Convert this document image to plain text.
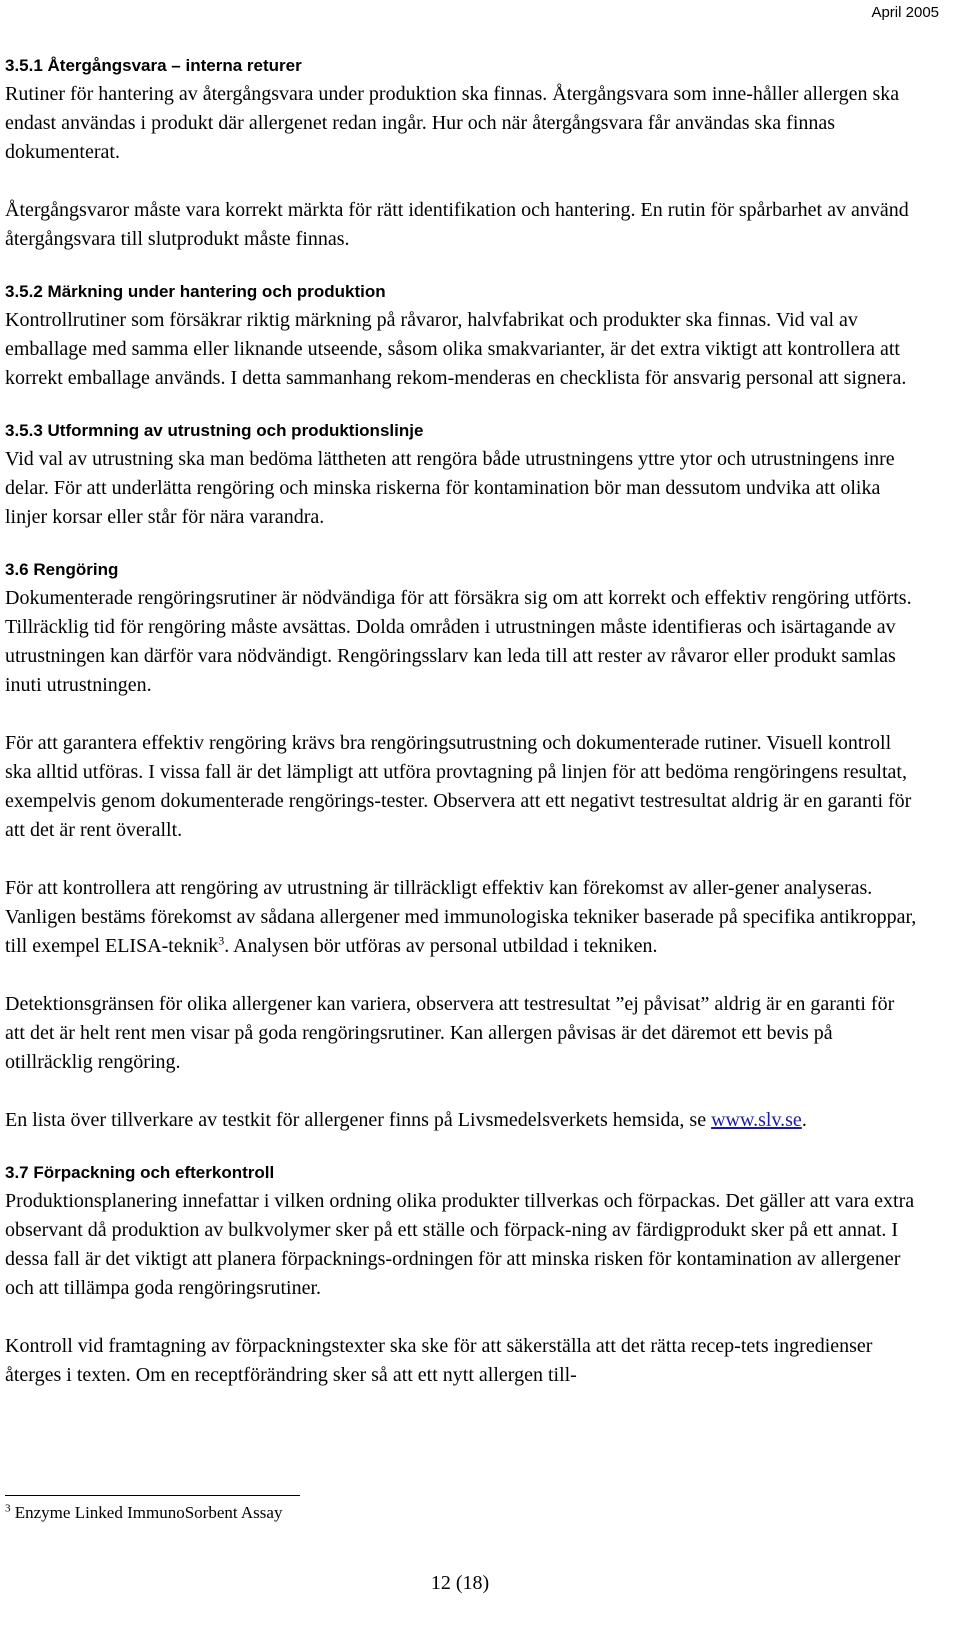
April 2005
3.5.1 Återgångsvara – interna returer

Rutiner för hantering av återgångsvara under produktion ska finnas. Återgångsvara som inne-håller allergen ska endast användas i produkt där allergenet redan ingår. Hur och när återgångsvara får användas ska finnas dokumenterat.

Återgångsvaror måste vara korrekt märkta för rätt identifikation och hantering. En rutin för spårbarhet av använd återgångsvara till slutprodukt måste finnas.

3.5.2 Märkning under hantering och produktion

Kontrollrutiner som försäkrar riktig märkning på råvaror, halvfabrikat och produkter ska finnas. Vid val av emballage med samma eller liknande utseende, såsom olika smakvarianter, är det extra viktigt att kontrollera att korrekt emballage används. I detta sammanhang rekom-menderas en checklista för ansvarig personal att signera.

3.5.3 Utformning av utrustning och produktionslinje

Vid val av utrustning ska man bedöma lättheten att rengöra både utrustningens yttre ytor och utrustningens inre delar. För att underlätta rengöring och minska riskerna för kontamination bör man dessutom undvika att olika linjer korsar eller står för nära varandra.

3.6 Rengöring

Dokumenterade rengöringsrutiner är nödvändiga för att försäkra sig om att korrekt och effektiv rengöring utförts. Tillräcklig tid för rengöring måste avsättas. Dolda områden i utrustningen måste identifieras och isärtagande av utrustningen kan därför vara nödvändigt. Rengöringsslarv kan leda till att rester av råvaror eller produkt samlas inuti utrustningen.

För att garantera effektiv rengöring krävs bra rengöringsutrustning och dokumenterade rutiner. Visuell kontroll ska alltid utföras. I vissa fall är det lämpligt att utföra provtagning på linjen för att bedöma rengöringens resultat, exempelvis genom dokumenterade rengörings-tester. Observera att ett negativt testresultat aldrig är en garanti för att det är rent överallt.

För att kontrollera att rengöring av utrustning är tillräckligt effektiv kan förekomst av aller-gener analyseras. Vanligen bestäms förekomst av sådana allergener med immunologiska tekniker baserade på specifika antikroppar, till exempel ELISA-teknik$^3$. Analysen bör utföras av personal utbildad i tekniken.

Detektionsgränsen för olika allergener kan variera, observera att testresultat ”ej påvisat” aldrig är en garanti för att det är helt rent men visar på goda rengöringsrutiner. Kan allergen påvisas är det däremot ett bevis på otillräcklig rengöring.

En lista över tillverkare av testkit för allergener finns på Livsmedelsverkets hemsida, se www.slv.se.

3.7 Förpackning och efterkontroll

Produktionsplanering innefattar i vilken ordning olika produkter tillverkas och förpackas. Det gäller att vara extra observant då produktion av bulkvolymer sker på ett ställe och förpack-ning av färdigprodukt sker på ett annat. I dessa fall är det viktigt att planera förpacknings-ordningen för att minska risken för kontamination av allergener och att tillämpa goda rengöringsrutiner.

Kontroll vid framtagning av förpackningstexter ska ske för att säkerställa att det rätta recep-tets ingredienser återges i texten. Om en receptförändring sker så att ett nytt allergen till-

$^3$ Enzyme Linked ImmunoSorbent Assay
12 (18)
